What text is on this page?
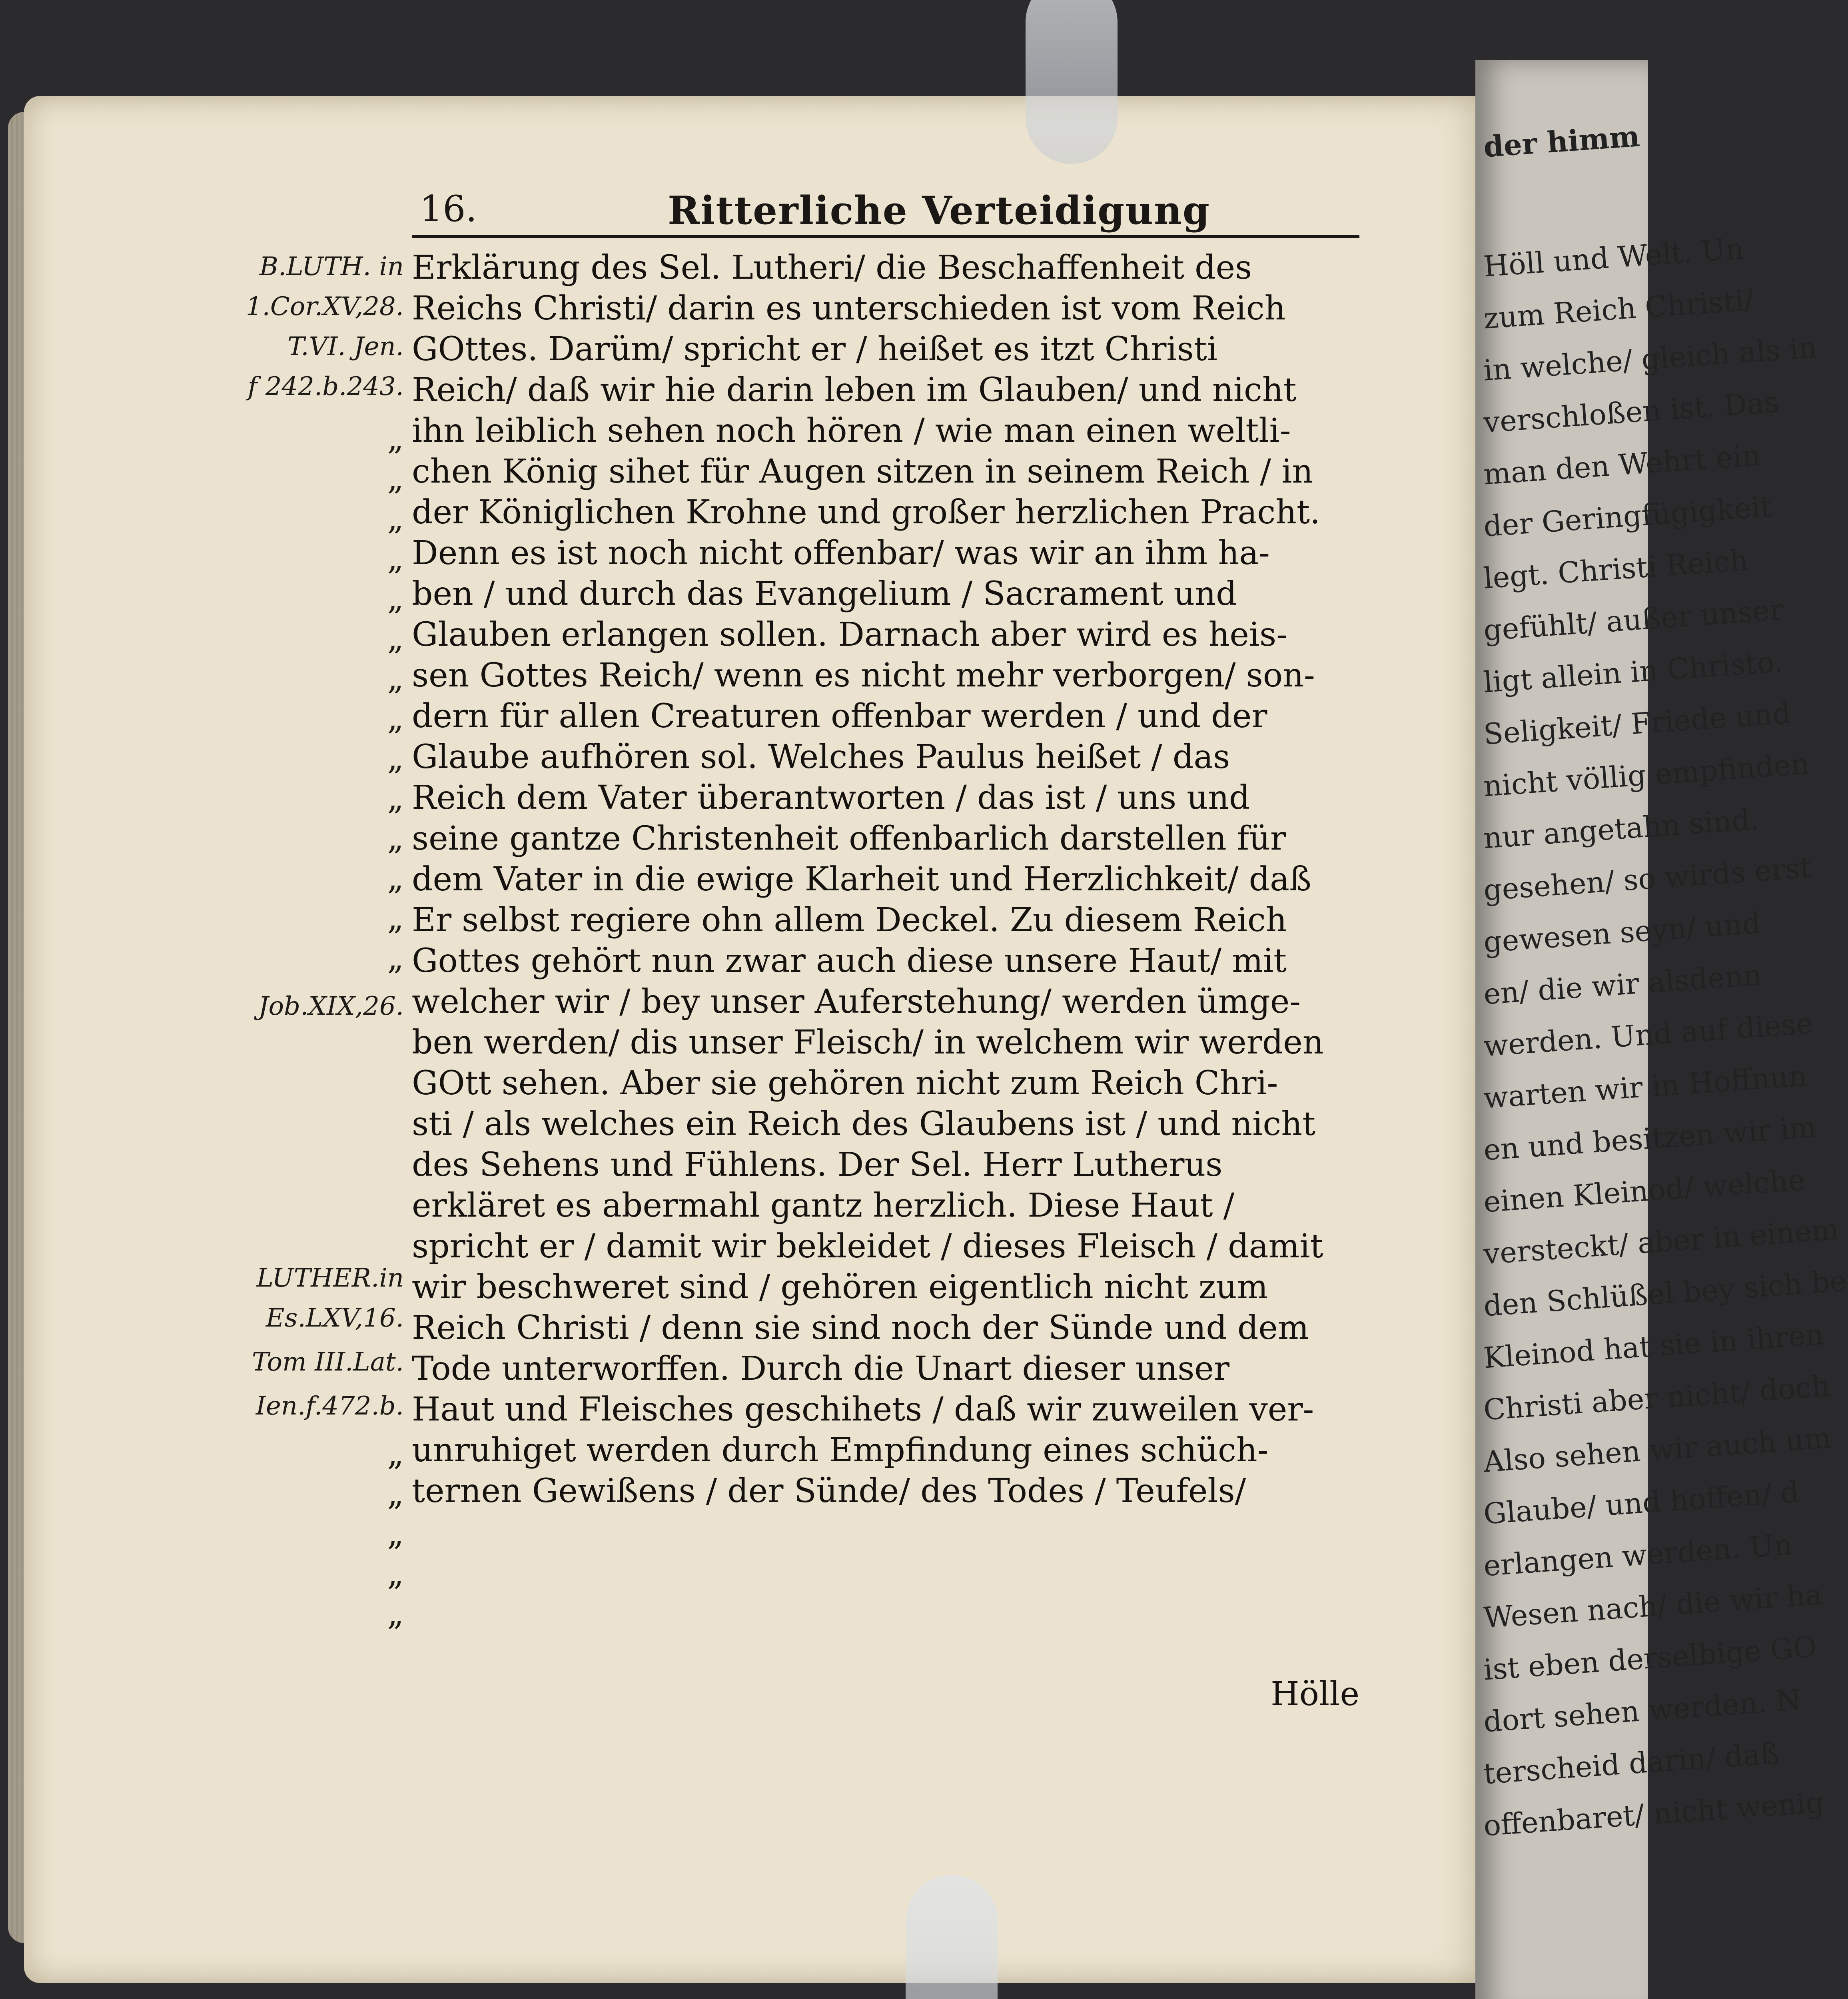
der himm
Höll und Welt. Un
zum Reich Christi/
in welche/ gleich als in
verschloßen ist. Das
man den Wehrt ein
der Geringfügigkeit
legt. Christi Reich
gefühlt/ außer unser
ligt allein in Christo.
Seligkeit/ Friede und
nicht völlig empfinden
nur angetahn sind.
gesehen/ so wirds erst
gewesen seyn/ und
en/ die wir alsdenn
werden. Und auf diese
warten wir in Hoffnun
en und besitzen wir im
einen Kleinod/ welche
versteckt/ aber in einem
den Schlüßel bey sich be
Kleinod hat sie in ihren
Christi aber nicht/ doch
Also sehen wir auch um
Glaube/ und hoffen/ d
erlangen werden. Un
Wesen nach/ die wir ha
ist eben derselbige GO
dort sehen werden. N
terscheid darin/ daß
offenbaret/ nicht wenig
16.	Ritterliche Verteidigung
B.LUTH. in
1.Cor.XV,28.
T.VI. Jen.
f 242.b.243.
Job.XIX,26.
LUTHER.in
Es.LXV,16.
Tom III.Lat.
Ien.f.472.b.
„
„
„
„
„
„
„
„
„
„
„
„
„
„
„
„
„
„
„
Erklärung des Sel. Lutheri/ die Beschaffenheit des
Reichs Christi/ darin es unterschieden ist vom Reich
GOttes. Darüm/ spricht er / heißet es itzt Christi
Reich/ daß wir hie darin leben im Glauben/ und nicht
ihn leiblich sehen noch hören / wie man einen weltli-
chen König sihet für Augen sitzen in seinem Reich / in
der Königlichen Krohne und großer herzlichen Pracht.
Denn es ist noch nicht offenbar/ was wir an ihm ha-
ben / und durch das Evangelium / Sacrament und
Glauben erlangen sollen. Darnach aber wird es heis-
sen Gottes Reich/ wenn es nicht mehr verborgen/ son-
dern für allen Creaturen offenbar werden / und der
Glaube aufhören sol. Welches Paulus heißet / das
Reich dem Vater überantworten / das ist / uns und
seine gantze Christenheit offenbarlich darstellen für
dem Vater in die ewige Klarheit und Herzlichkeit/ daß
Er selbst regiere ohn allem Deckel. Zu diesem Reich
Gottes gehört nun zwar auch diese unsere Haut/ mit
welcher wir / bey unser Auferstehung/ werden ümge-
ben werden/ dis unser Fleisch/ in welchem wir werden
GOtt sehen. Aber sie gehören nicht zum Reich Chri-
sti / als welches ein Reich des Glaubens ist / und nicht
des Sehens und Fühlens. Der Sel. Herr Lutherus
erkläret es abermahl gantz herzlich. Diese Haut /
spricht er / damit wir bekleidet / dieses Fleisch / damit
wir beschweret sind / gehören eigentlich nicht zum
Reich Christi / denn sie sind noch der Sünde und dem
Tode unterworffen. Durch die Unart dieser unser
Haut und Fleisches geschihets / daß wir zuweilen ver-
unruhiget werden durch Empfindung eines schüch-
ternen Gewißens / der Sünde/ des Todes / Teufels/
Hölle
